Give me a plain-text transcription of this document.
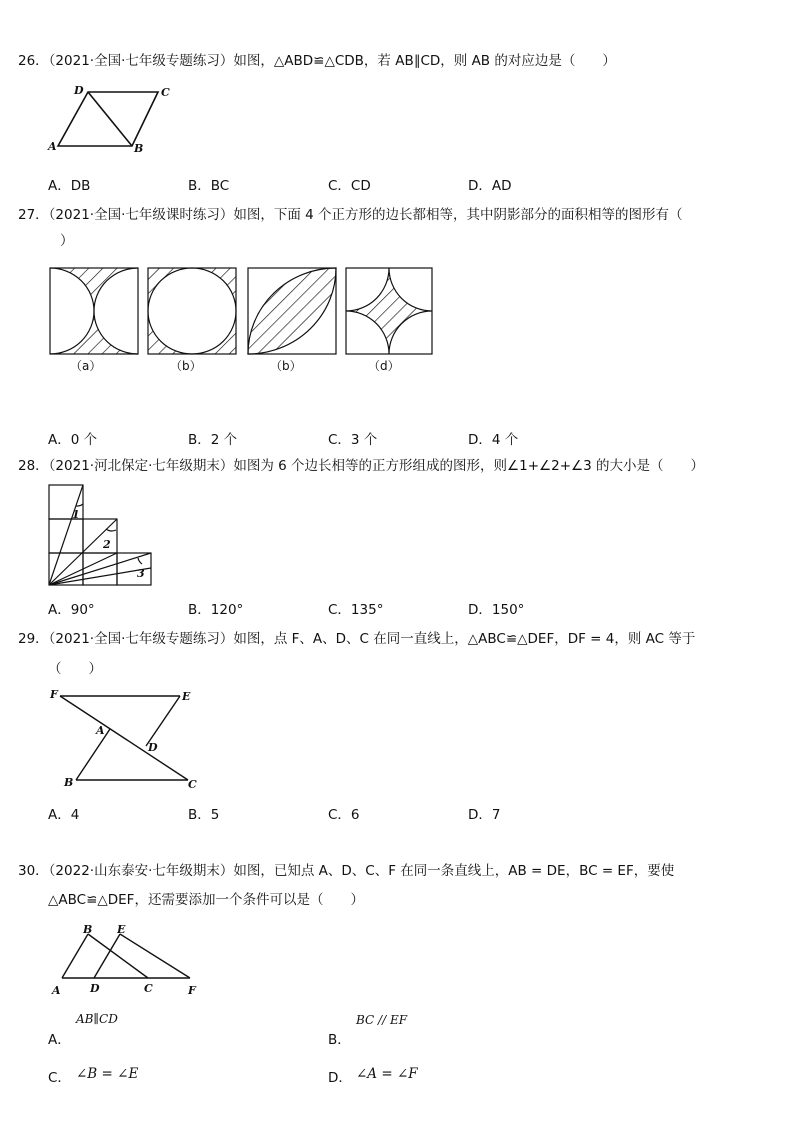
26．（2021·全国·七年级专题练习）如图，△ABD≌△CDB，若 AB∥CD，则 AB 的对应边是（　　）
D	C
A	B
A．DB	B．BC	C．CD	D．AD
27．（2021·全国·七年级课时练习）如图，下面 4 个正方形的边长都相等，其中阴影部分的面积相等的图形有（
）
（a）	（b）	（b）	（d）
A．0 个	B．2 个	C．3 个	D．4 个
28．（2021·河北保定·七年级期末）如图为 6 个边长相等的正方形组成的图形，则∠1+∠2+∠3 的大小是（　　）
1
2
3
A．90°	B．120°	C．135°	D．150°
29．（2021·全国·七年级专题练习）如图，点 F、A、D、C 在同一直线上，△ABC≌△DEF，DF = 4，则 AC 等于
（　　）
F	E
A
D
B	C
A．4	B．5	C．6	D．7
30．（2022·山东泰安·七年级期末）如图，已知点 A、D、C、F 在同一条直线上，AB = DE，BC = EF，要使
△ABC≌△DEF，还需要添加一个条件可以是（　　）
B E
A	D	C	F
A．
AB∥CD
B．
BC // EF
C． ∠B = ∠E	D． ∠A = ∠F
